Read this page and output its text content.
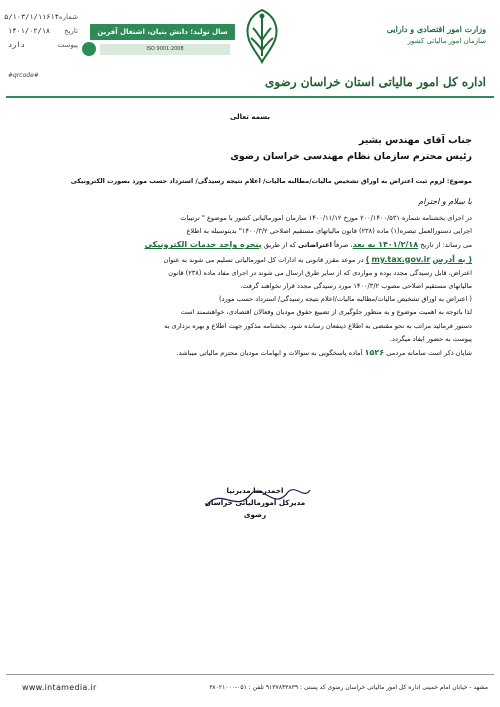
شماره
۵/۱۰۳/۱/۱۱۶۱۴
تاریخ
۱۴۰۱/۰۲/۱۸
پیوست
دارد
سال تولید؛ دانش بنیان، اشتغال آفرین
ISO 9001:2008
وزارت امور اقتصادی و دارایی
سازمان امور مالیاتی کشور
#qrcode#	اداره کل امور مالیاتی استان خراسان رضوی
بسمه تعالی
جناب آقای مهندس بشیر
رئیس محترم سازمان نظام مهندسی خراسان رضوی
موضوع: لزوم ثبت اعتراض به اوراق تشخیص مالیات/مطالبه مالیات/ اعلام نتیجه رسیدگی/ استرداد حسب مورد بصورت الکترونیکی
با سلام و احترام
در اجرای بخشنامه شماره ۲۰۰/۱۴۰۰/۵۳۱ مورخ ۱۴۰۰/۱۱/۱۲ سازمان امورمالیاتی کشور با موضوع " ترتیبات
اجرایی دستورالعمل تبصره(۱) ماده (۲۳۸) قانون مالیاتهای مستقیم اصلاحی ۱۴۰۰/۳/۲" بدینوسیله به اطلاع
می رساند: از تاریخ ۱۴۰۱/۲/۱۸ به بعد، صرفاً اعتراضاتی که از طریق پنجره واحد خدمات الکترونیکی
( به آدرس my.tax.gov.ir ) در موعد مقرر قانونی به ادارات کل امورمالیاتی تسلیم می شوند به عنوان
اعتراض، قابل رسیدگی مجدد بوده و مواردی که از سایر طرق ارسال می شوند در اجرای مفاد ماده (۲۳۸) قانون
مالیاتهای مستقیم اصلاحی مصوب ۱۴۰۰/۳/۲ مورد رسیدگی مجدد قرار نخواهند گرفت.
( اعتراض به اوراق تشخیص مالیات/مطالبه مالیات/اعلام نتیجه رسیدگی/ استرداد حسب مورد)
لذا باتوجه به اهمیت موضوع و به منظور جلوگیری از تضییع حقوق مودیان وفعالان اقتصادی، خواهشمند است
دستور فرمائید مراتب به نحو مقتضی به اطلاع ذینفعان رسانده شود. بخشنامه مذکور جهت اطلاع و بهره برداری به
پیوست به حضور ایفاد میگردد.
شایان ذکر است سامانه مردمی ۱۵۲۶ آماده پاسخگویی به سوالات و ابهامات مودیان محترم مالیاتی میباشد.
احمدرضا مدبرنیا
مدیرکل امورمالیاتی خراسان رضوی
www.intamedia.ir	مشهد - خیابان امام خمینی اداره کل امور مالیاتی خراسان رضوی کد پستی : ۹۱۳۷۸۴۳۸۳۹ تلفن : ۰۵۱-۳۸۰۲۱۰۰۰
